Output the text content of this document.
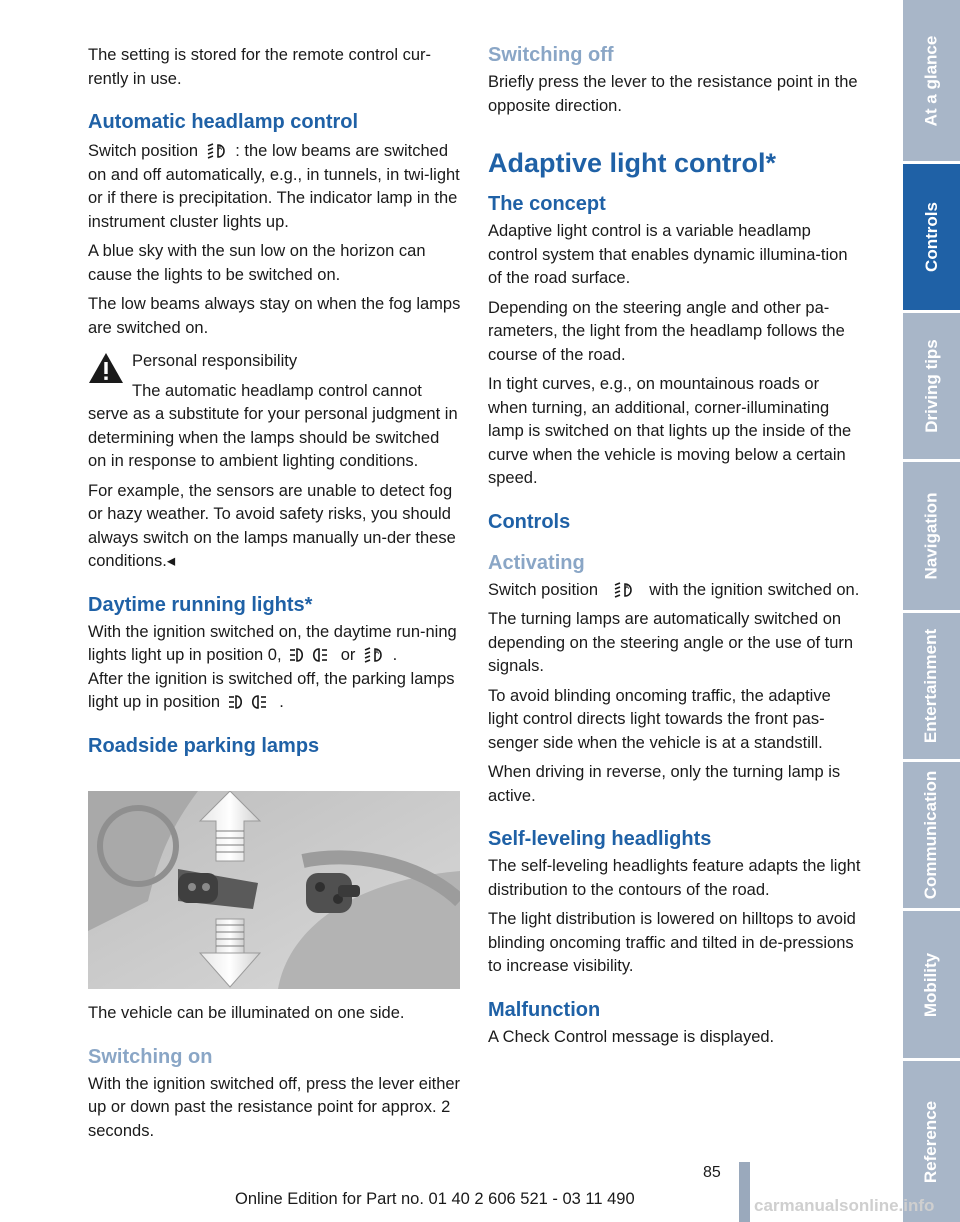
The setting is stored for the remote control cur-rently in use.

Automatic headlamp control

Switch position	A : the low beams are switched on and off automatically, e.g., in tunnels, in twi-light or if there is precipitation. The indicator lamp in the instrument cluster lights up.

A blue sky with the sun low on the horizon can cause the lights to be switched on.

The low beams always stay on when the fog lamps are switched on.

Personal responsibility

The automatic headlamp control cannot

serve as a substitute for your personal judgment in determining when the lamps should be switched on in response to ambient lighting conditions.

For example, the sensors are unable to detect fog or hazy weather. To avoid safety risks, you should always switch on the lamps manually un-der these conditions.◂

Daytime running lights*

With the ignition switched on, the daytime run-ning lights light up in position 0,	or	A .

After the ignition is switched off, the parking lamps light up in position	.

Roadside parking lamps

The vehicle can be illuminated on one side.

Switching on

With the ignition switched off, press the lever either up or down past the resistance point for approx. 2 seconds.

Switching off

Briefly press the lever to the resistance point in the opposite direction.

Adaptive light control*
The concept

Adaptive light control is a variable headlamp control system that enables dynamic illumina-tion of the road surface.

Depending on the steering angle and other pa-rameters, the light from the headlamp follows the course of the road.

In tight curves, e.g., on mountainous roads or when turning, an additional, corner-illuminating lamp is switched on that lights up the inside of the curve when the vehicle is moving below a certain speed.

Controls
Activating

Switch position	A with the ignition switched on.

The turning lamps are automatically switched on depending on the steering angle or the use of turn signals.

To avoid blinding oncoming traffic, the adaptive light control directs light towards the front pas-senger side when the vehicle is at a standstill.

When driving in reverse, only the turning lamp is active.

Self-leveling headlights

The self-leveling headlights feature adapts the light distribution to the contours of the road.

The light distribution is lowered on hilltops to avoid blinding oncoming traffic and tilted in de-pressions to increase visibility.

Malfunction

A Check Control message is displayed.

At a glance
Controls
Driving tips
Navigation
Entertainment
Communication
Mobility
Reference
85
Online Edition for Part no. 01 40 2 606 521 - 03 11 490	carmanualsonline.info
